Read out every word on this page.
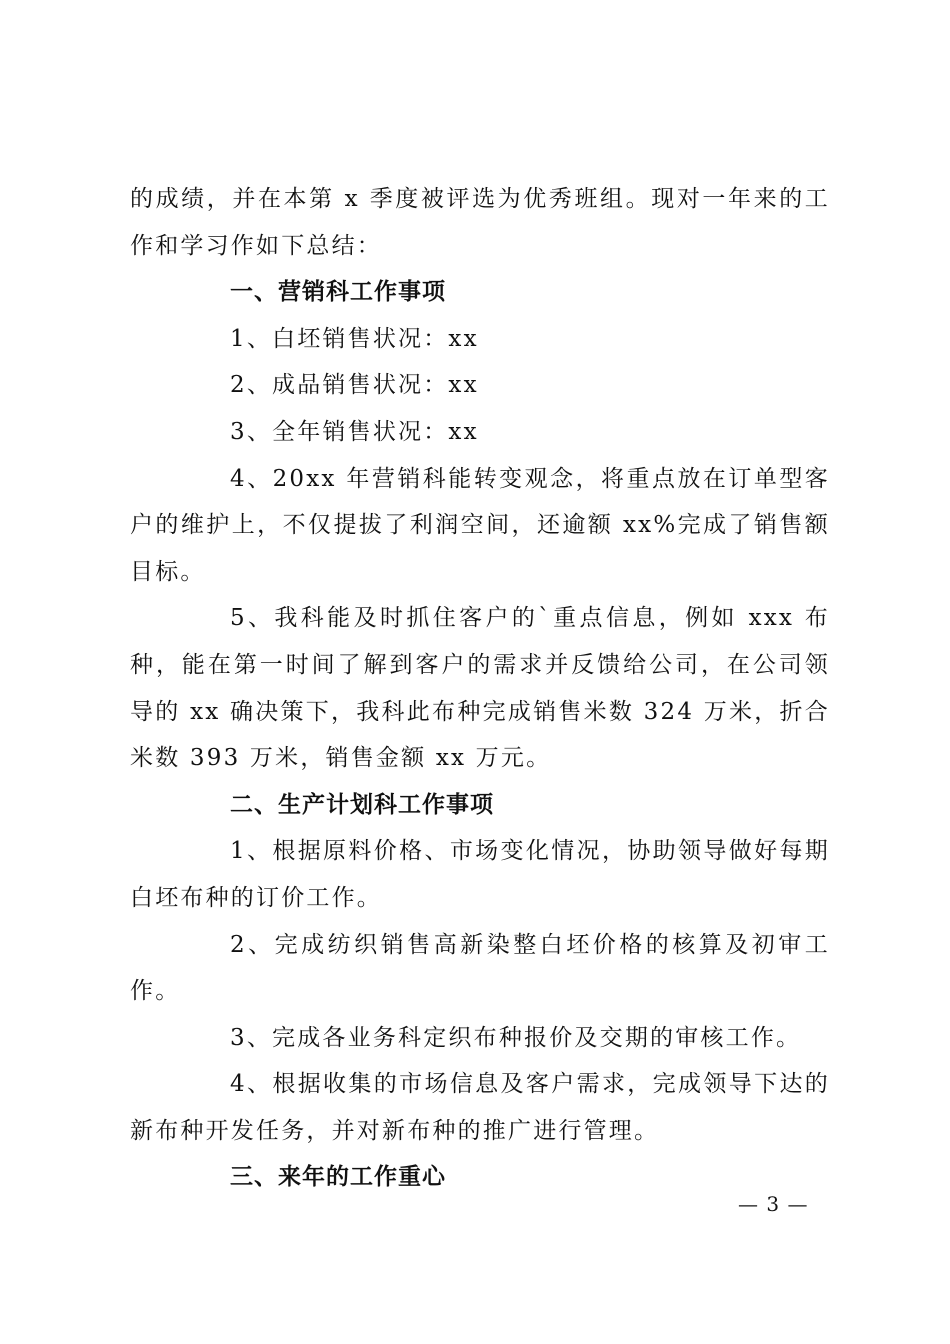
的成绩，并在本第 x 季度被评选为优秀班组。现对一年来的工作和学习作如下总结：

一、营销科工作事项

1、白坯销售状况：xx

2、成品销售状况：xx

3、全年销售状况：xx

4、20xx 年营销科能转变观念，将重点放在订单型客户的维护上，不仅提拔了利润空间，还逾额 xx%完成了销售额目标。

5、我科能及时抓住客户的`重点信息，例如 xxx 布种，能在第一时间了解到客户的需求并反馈给公司，在公司领导的 xx 确决策下，我科此布种完成销售米数 324 万米，折合米数 393 万米，销售金额 xx 万元。

二、生产计划科工作事项

1、根据原料价格、市场变化情况，协助领导做好每期白坯布种的订价工作。

2、完成纺织销售高新染整白坯价格的核算及初审工作。

3、完成各业务科定织布种报价及交期的审核工作。

4、根据收集的市场信息及客户需求，完成领导下达的新布种开发任务，并对新布种的推广进行管理。

三、来年的工作重心

— 3 —
